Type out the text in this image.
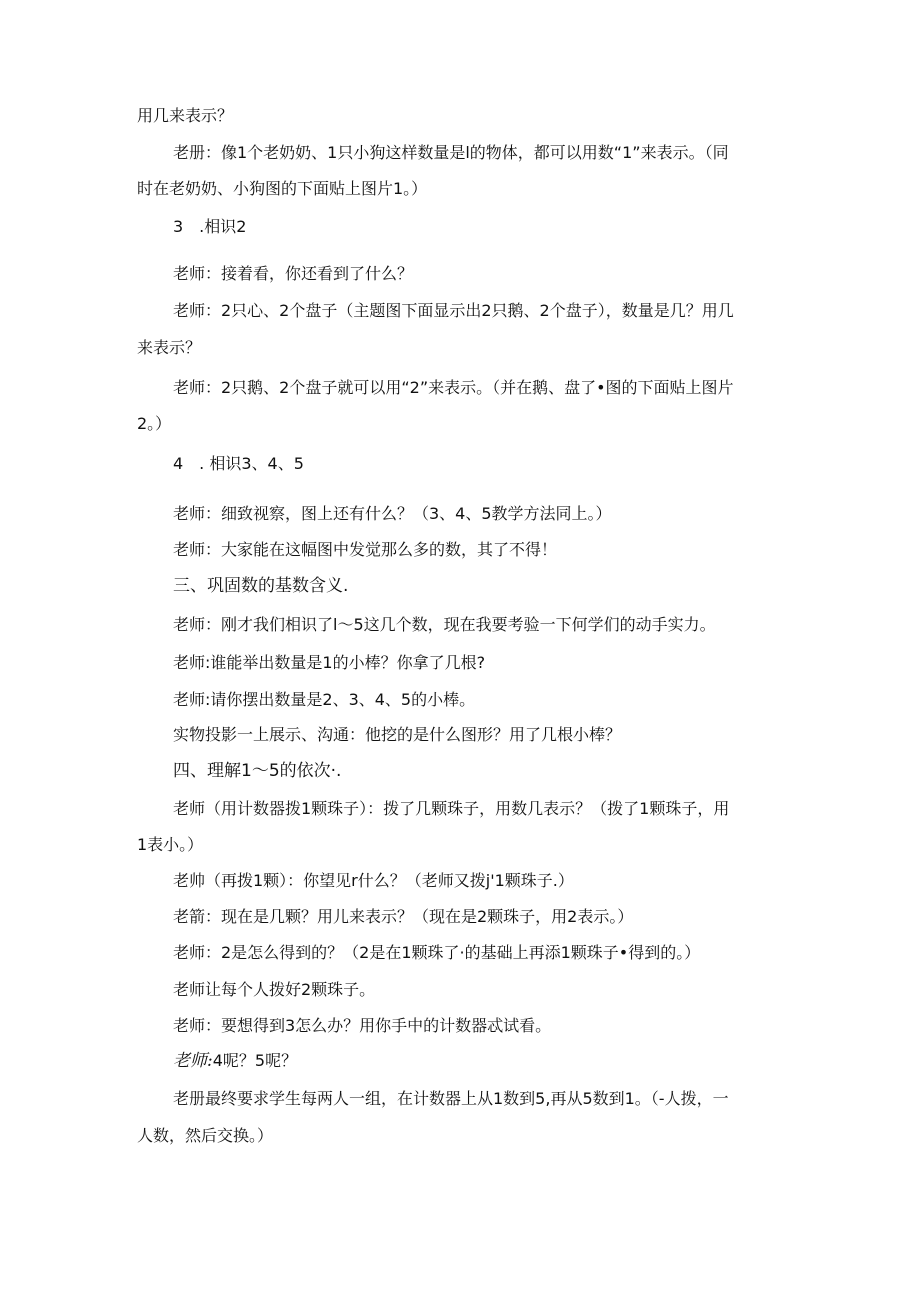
用几来表示？

老册：像1个老奶奶、1只小狗这样数量是l的物体，都可以用数“1”来表示。（同

时在老奶奶、小狗图的下面贴上图片1。）

3　.相识2

老师：接着看，你还看到了什么？

老师：2只心、2个盘子（主题图下面显示出2只鹅、2个盘子），数量是几？用几

来表示？

老师：2只鹅、2个盘子就可以用“2”来表示。（并在鹅、盘了•图的下面贴上图片

2。）

4　. 相识3、4、5

老师：细致视察，图上还有什么？（3、4、5教学方法同上。）

老师：大家能在这幅图中发觉那么多的数，其了不得！

三、巩固数的基数含义.

老师：刚才我们相识了l～5这几个数，现在我要考验一下何学们的动手实力。

老师:谁能举出数量是1的小棒？你拿了几根?

老师:请你摆出数量是2、3、4、5的小棒。

实物投影一上展示、沟通：他挖的是什么图形？用了几根小棒？

四、理解1〜5的依次·.

老师（用计数器拨1颗珠子）：拨了几颗珠子，用数几表示？（拨了1颗珠子，用

1表小。）

老帅（再拨1颗）：你望见r什么？（老师又拨j'1颗珠子.）

老箭：现在是几颗？用儿来表示？（现在是2颗珠子，用2表示。）

老师：2是怎么得到的？（2是在1颗珠了·的基础上再添1颗珠子•得到的。）

老师让每个人拨好2颗珠子。

老师：要想得到3怎么办？用你手中的计数器忒试看。

老师:4呢？5呢？

老册最终要求学生每两人一组，在计数器上从1数到5,再从5数到1。（-人拨，一

人数，然后交换。）
